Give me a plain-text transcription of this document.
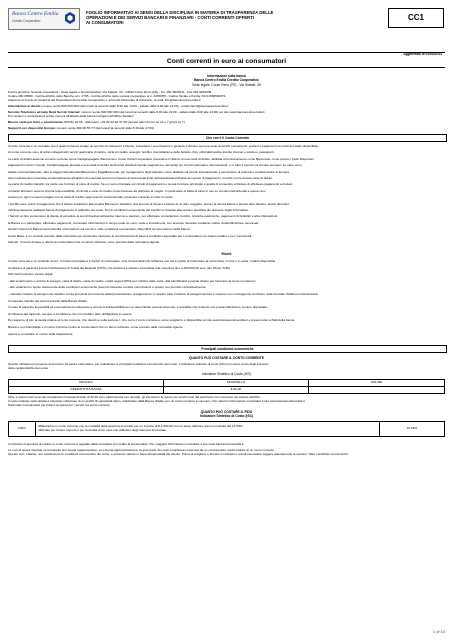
Banca Centro Emilia
Credito Cooperativo
FOGLIO INFORMATIVO AI SENSI DELLA DISCIPLINA IN MATERIA DI TRASPARENZA DELLE
OPERAZIONI E DEI SERVIZI BANCARI E FINANZIARI - CONTI CORRENTI OFFERTI
AI CONSUMATORI
CC1
Aggiornato al 01/05/2014
Conti correnti in euro ai consumatori
Informazioni sulla banca
Banca Centro Emilia Credito Cooperativo
Sede legale: Corpo Reno (FE) - Via Statale, 39
Forma giuridica: Società cooperativa - Sede legale e amministrativa: Via Statale, 39 - 44042 Corpo Reno (FE) - Tel. 051 6833911 - Fax 051 6833935
Codice ABI 08509 - Iscritta all'Albo delle Banche al n. 4765 - Iscritta all'Albo delle società cooperative al n. A159785 - Codice fiscale e Partita IVA 01566590374
Aderente al Fondo di Garanzia dei Depositanti del Credito Cooperativo e al Fondo Nazionale di Garanzia - E-mail: info@bancacentroemilia.it
Informazioni ai clienti: numero verde 800 000 000 (dal lunedì al venerdì dalle 8:30 alle 13:00 - sabato dalle 9:00 alle 12:00) - email clienti@bancacentroemilia.it
Servizio Telefonico ed Help Desk Servizi Internet: numero verde 800 000 000 (dal lunedì al venerdì dalle 8:00 alle 21:00 - sabato dalle 9:00 alle 14:00) sul sito www.bancacentroemilia.it
Per reclami o contestazioni scritte inerenti all'attività della banca rivolgersi all'Ufficio Reclami
Blocco carte per furto o smarrimento: 800 82 24 56 - dall'estero +39 02 60 84 37 68 (numeri attivi 24 ore su 24 e 7 giorni su 7)
Supporti con dispositivi Europa: numero verde 800 00 55 77 (dal lunedì al venerdì dalle 8:30 alle 17:00)
Che cos'è il Conto Corrente
Il conto corrente è un contratto con il quale la banca svolge un servizio di cassa per il cliente: custodisce i suoi risparmi e gestisce il denaro con una serie di servizi (versamenti, prelievi e pagamenti nei limiti del saldo disponibile).
Al conto corrente sono di solito collegati altri servizi quali carta di debito, carta di credito, assegni, bonifici, domiciliazione delle bollette, fido, utilizzabili anche tramite internet e telefono, passaporti.
Le carte di debito assieme al conto corrente come Cartaprepagata, Bancomat e Conto Carta Cooperativo prevedono il rilascio di una carta di debito, abilitata al funzionamento come Bancomat, come presso i Cash Dispenser
pagamenti in tutto il mondo. Cartaprepagata: Europa è una carta di debito elettronica dotata di banda magnetica e microchip sui circuiti nazionali e internazionali, e in tutto il mondo sul circuito europeo. Le carte sono
dotate commercializzate, oltre a viaggi internazionali Bancomat e PagoBancomat, per il pagamento degli acquisti, come abilitato sui circuiti internazionali, e permettono di prelevare contanti anche in Europa.
solo contratto del correntista contestualmente all'utilizzo di eventuali servizi nel rispetto di determinati limiti nell'operatività ordinaria dei servizi di pagamento, nonché con le dovute carte di debito.
La carta di credito CartaSi, tra molte sue funzioni di carta di credito, ha un ruolo principale sui circuiti di pagamento e la sua funzione principale è quella di consentire al titolare di effettuare pagamenti e prelievi
contante all'estero sotto la propria responsabilità, di circuiti e carte di credito convenzionate da utilizzare al meglio. In particolare si tratta di carte in uso su circuiti internazionali a spesa zero.
possono in ogni momento pagare con la carta di credito negli esercizi convenzionati, prelevare contante in tutto il mondo.
I bonifici sono ordini di pagamento che il cliente impartisce alla propria Banca per trasferire una somma di denaro a favore di un altro soggetto, presso la stessa banca o presso altre banche, anche all'estero.
nell'area Sepa tra qualsiasi banca di pagamento in addebito sul conto. Per le condizioni economiche dei bonifici si rimanda alla sezione specifica del presente foglio informativo.
I Servizi on line consentono al cliente di accedere ai servizi bancari attraverso internet e telefono, per effettuare consultazioni, bonifici, ricariche telefoniche, pagamenti di bollettini e altre disposizioni.
la Banca e in particolare, effettuare pagamenti, consultare informazioni in tempo reale su conti, carte e investimenti, con accesso riservato mediante codice di identificazione personale.
Servizi Internet di Banca Centro Emilia, informazioni sui servizi e sulle condizioni economiche, disponibili sul sito internet della banca.
Conto Base: è un servizio previsto dalla normativa per consentire l'accesso ai servizi bancari di base a condizioni agevolate per i consumatori con basso reddito e per i pensionati.
bancari. Il Conto di base è offerto ai consumatori che ne fanno richiesta, come previsto dalla normativa vigente.
Rischi
Il conto corrente è un prodotto sicuro. Il rischio principale è il rischio di controparte, cioè l'eventualità che la Banca non sia in grado di rimborsare al correntista, in tutto o in parte, il saldo disponibile.
di sistema di garanzia Fondo Interbancario di Tutela dei Depositi (FITD), che assicura a ciascun correntista una copertura fino a 100.000,00 euro (art. 96-bis TUB).
Altri rischi possono essere legati:
- alla smarrimento o al furto di assegni, carta di debito, carta di credito, codici segreti (PIN) per l'utilizzo delle carte, dati identificativi e parole chiave per l'accesso al conto su internet;
- alle variazioni in senso sfavorevole delle condizioni economiche (tassi di interesse ed altre commissioni e spese) ove previsto contrattualmente;
- mancato rispetto di assegni che risultino senza provvista al momento della presentazione al pagamento; in questo caso il rilascio di assegni bancari è sospeso con conseguente iscrizione nella Centrale d'Allarme Interbancaria.
di mancato rispetto dei termini previsti dalla Banca d'Italia.
In caso di garanzie impossibili ed eventualmente sottoposte a vincoli di indisponibilità per un determinato periodo di tempo, è possibile che il cliente non possa utilizzare le somme depositate.
di chiusura del rapporto, sempre a condizione che non risultino altre obbligazioni in essere.
Per saperne di più: la Guida pratica al conto corrente, che descrive nella sezione I, che cos'è il conto corrente e come sceglierlo, è disponibile sul sito www.bancacentroemilia.it e presso tutte le filiali della banca.
Banca e su Finanziabile e il Conto Corrente rivolto ai consumatori che ne fanno richiesta, come previsto dalla normativa vigente.
esterni a consultare le norme sulla trasparenza.
Principali condizioni economiche
QUANTO PUÒ COSTARE IL CONTO CORRENTE
Quanto indicato nel presente documento ha valore informativo, per individuare le principali condizioni economiche del conto. L'indicatore sintetico di costo (ISC) non tiene conto degli interessi.
delle caratteristiche del conto.
Indicatore Sintetico di Costo (ISC)
PROFILO	SPORTELLO	ONLINE
OPERATIVITÀ BASSA	€ 60,00	
Oltre a questi costi sono da considerare l'imposta di bollo di 34,20 euro (dell'imposta ove dovuta), gli interessi e le spese per servizi fuori dal pacchetto non compresi nel calcolo dell'ISC.
Il costo indicato nella tabella è calcolato sulla base di un profilo di operatività tipico, individuato dalla Banca d'Italia, per un conto corrente a consumo. Per ulteriori informazioni consultare il sito www.bancacentroemilia.it.
Nazionale Consumatori per ridurre la spesa per i servizi sul conto corrente.
QUANTO PUÒ COSTARE IL FIDO
Indicatore Sintetico di Costo (ISC)
FIDO	Affidamento in conto corrente con la modalità della apertura di credito per un importo di € 1.500,00 con un tasso debitore annuo nominale del 12,50%,
utilizzato per l'intero importo e per la durata di tre mesi con addebito degli interessi trimestrale	22,95%
Il contratto di apertura di credito in conto corrente è regolato dalla normativa sul credito ai consumatori. Per maggiori informazioni consultare il sito www.bancacentroemilia.it.
Le voci di spesa riportate nel prospetto che segue rappresentano, con buona approssimazione, la gran parte dei costi complessivi sostenuti da un consumatore medio titolare di un conto corrente.
Queste voci, tuttavia, non esauriscono le condizioni economiche del conto, e possono variare in base all'operatività del cliente. Prima di scegliere e firmare il contratto è quindi necessario leggere attentamente la sezione "Altre condizioni economiche".
1 of 10
